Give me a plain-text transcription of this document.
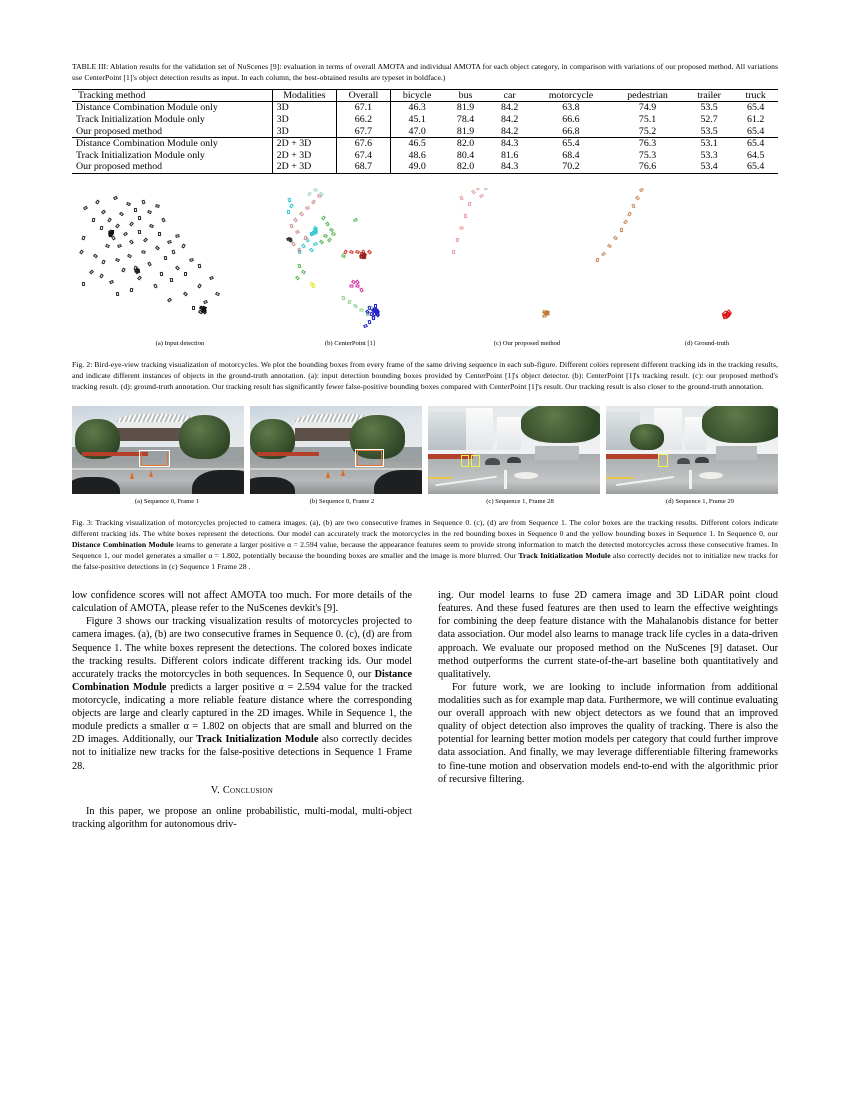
TABLE III: Ablation results for the validation set of NuScenes [9]: evaluation in terms of overall AMOTA and individual AMOTA for each object category, in comparison with variations of our proposed method. All variations use CenterPoint [1]'s object detection results as input. In each column, the best-obtained results are typeset in boldface.)
Tracking method	Modalities	Overall	bicycle	bus	car	motorcycle	pedestrian	trailer	truck
Distance Combination Module only	3D	67.1	46.3	81.9	84.2	63.8	74.9	53.5	65.4
Track Initialization Module only	3D	66.2	45.1	78.4	84.2	66.6	75.1	52.7	61.2
Our proposed method	3D	67.7	47.0	81.9	84.2	66.8	75.2	53.5	65.4
Distance Combination Module only	2D + 3D	67.6	46.5	82.0	84.3	65.4	76.3	53.1	65.4
Track Initialization Module only	2D + 3D	67.4	48.6	80.4	81.6	68.4	75.3	53.3	64.5
Our proposed method	2D + 3D	68.7	49.0	82.0	84.3	70.2	76.6	53.4	65.4
(a) Input detection	(b) CenterPoint [1]	(c) Our proposed method	(d) Ground-truth
Fig. 2: Bird-eye-view tracking visualization of motorcycles. We plot the bounding boxes from every frame of the same driving sequence in each sub-figure. Different colors represent different tracking ids in the tracking results, and indicate different instances of objects in the ground-truth annotation. (a): input detection bounding boxes provided by CenterPoint [1]'s object detector. (b): CenterPoint [1]'s tracking result. (c): our proposed method's tracking result. (d): ground-truth annotation. Our tracking result has significantly fewer false-positive bounding boxes compared with CenterPoint [1]'s result. Our tracking result is also closer to the ground-truth annotation.
(a) Sequence 0, Frame 1	(b) Sequence 0, Frame 2	(c) Sequence 1, Frame 28	(d) Sequence 1, Frame 29
Fig. 3: Tracking visualization of motorcycles projected to camera images. (a), (b) are two consecutive frames in Sequence 0. (c), (d) are from Sequence 1. The color boxes are the tracking results. Different colors indicate different tracking ids. The white boxes represent the detections. Our model can accurately track the motorcycles in the red bounding boxes in Sequence 0 and the yellow bounding boxes in Sequence 1. In Sequence 0, our Distance Combination Module learns to generate a larger positive α = 2.594 value, because the appearance features seem to provide strong information to match the detected motorcycles across these consecutive frames. In Sequence 1, our model generates a smaller α = 1.802, potentially because the bounding boxes are smaller and the image is more blurred. Our Track Initialization Module also correctly decides not to initialize new tracks for the false-positive detections in (c) Sequence 1 Frame 28 .

low confidence scores will not affect AMOTA too much. For more details of the calculation of AMOTA, please refer to the NuScenes devkit's [9].

Figure 3 shows our tracking visualization results of motorcycles projected to camera images. (a), (b) are two consecutive frames in Sequence 0. (c), (d) are from Sequence 1. The white boxes represent the detections. The colored boxes indicate the tracking results. Different colors indicate different tracking ids. Our model accurately tracks the motorcycles in both sequences. In Sequence 0, our Distance Combination Module predicts a larger positive α = 2.594 value for the tracked motorcycle, indicating a more reliable feature distance where the corresponding objects are large and clearly captured in the 2D images. While in Sequence 1, the module predicts a smaller α = 1.802 on objects that are small and blurred on the 2D images. Additionally, our Track Initialization Module also correctly decides not to initialize new tracks for the false-positive detections in Sequence 1 Frame 28.

V. Conclusion

In this paper, we propose an online probabilistic, multi-modal, multi-object tracking algorithm for autonomous driv-

ing. Our model learns to fuse 2D camera image and 3D LiDAR point cloud features. And these fused features are then used to learn the effective weightings for combining the deep feature distance with the Mahalanobis distance for better data association. Our model also learns to manage track life cycles in a data-driven approach. We evaluate our proposed method on the NuScenes [9] dataset. Our method outperforms the current state-of-the-art baseline both quantitatively and qualitatively.

For future work, we are looking to include information from additional modalities such as for example map data. Furthermore, we will continue evaluating our overall approach with new object detectors as we found that an improved quality of object detection also improves the quality of tracking. There is also the potential for learning better motion models per category that could further improve data association. And finally, we may leverage differentiable filtering frameworks to fine-tune motion and observation models end-to-end with the algorithmic prior of recursive filtering.
